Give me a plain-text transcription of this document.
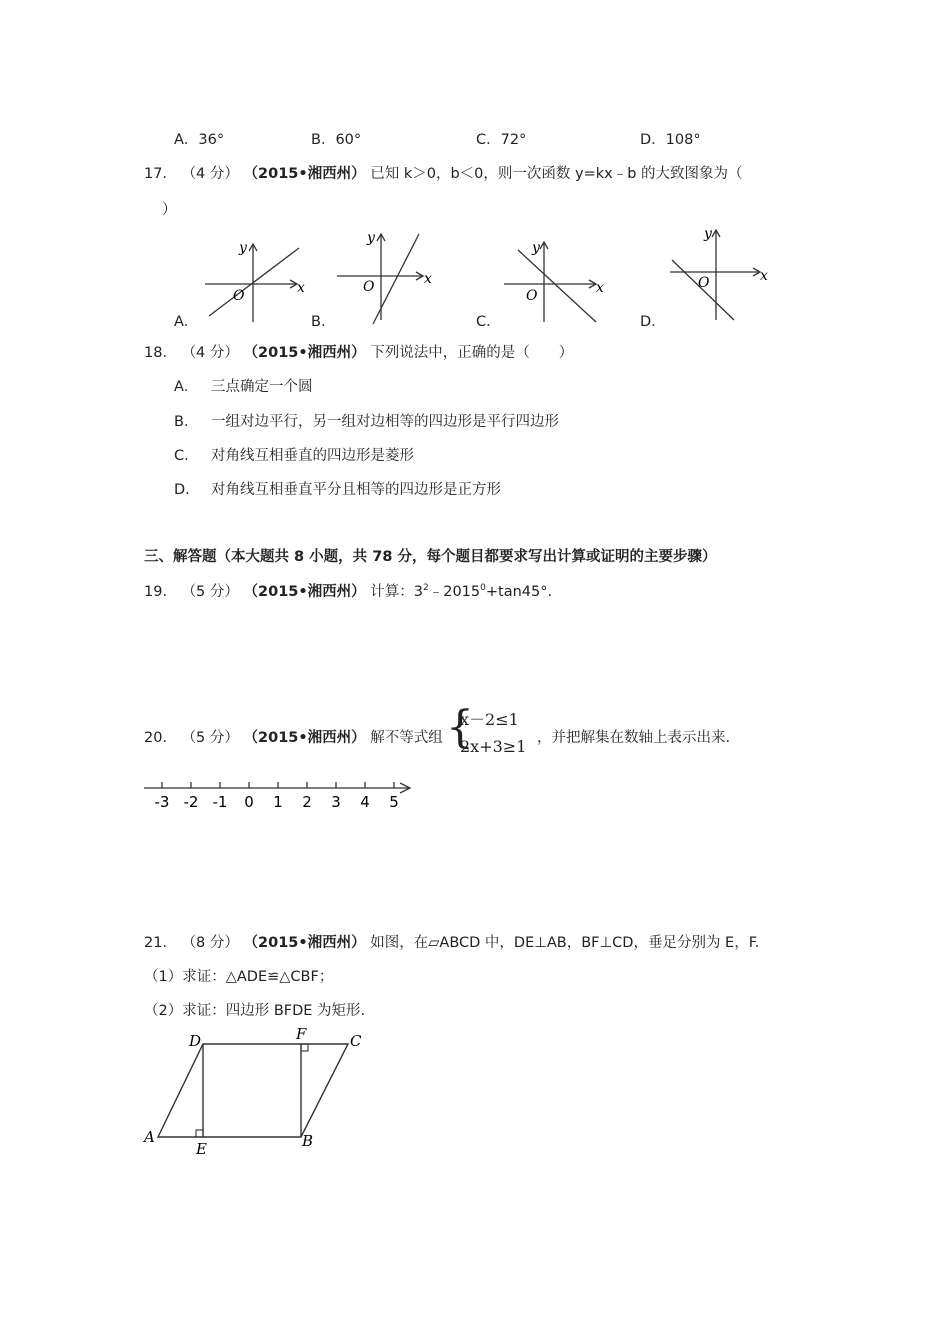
A．36°	B．60°	C．72°	D．108°
17． （4 分） （2015•湘西州） 已知 k＞0，b＜0，则一次函数 y=kx﹣b 的大致图象为（
）
x
y
O
x
y
O	x
y
O
x
y
O
A．	B．	C．	D．
18． （4 分） （2015•湘西州） 下列说法中，正确的是（　　）
A． 三点确定一个圆
B． 一组对边平行，另一组对边相等的四边形是平行四边形
C． 对角线互相垂直的四边形是菱形
D． 对角线互相垂直平分且相等的四边形是正方形
三、解答题（本大题共 8 小题，共 78 分，每个题目都要求写出计算或证明的主要步骤）
19． （5 分） （2015•湘西州） 计算：$3^2﹣2015^0+\tan 45^\circ$.
20． （5 分） （2015•湘西州） 解不等式组 {
x－2≤1
2x+3≥1 ，并把解集在数轴上表示出来.
-3 -2 -1 0 1 2 3 4 5
21． （8 分） （2015•湘西州） 如图，在▱ABCD 中，DE⊥AB，BF⊥CD，垂足分别为 E，F.
（1）求证：△ADE≌△CBF；
（2）求证：四边形 BFDE 为矩形.
A	B
C
D
E
F
